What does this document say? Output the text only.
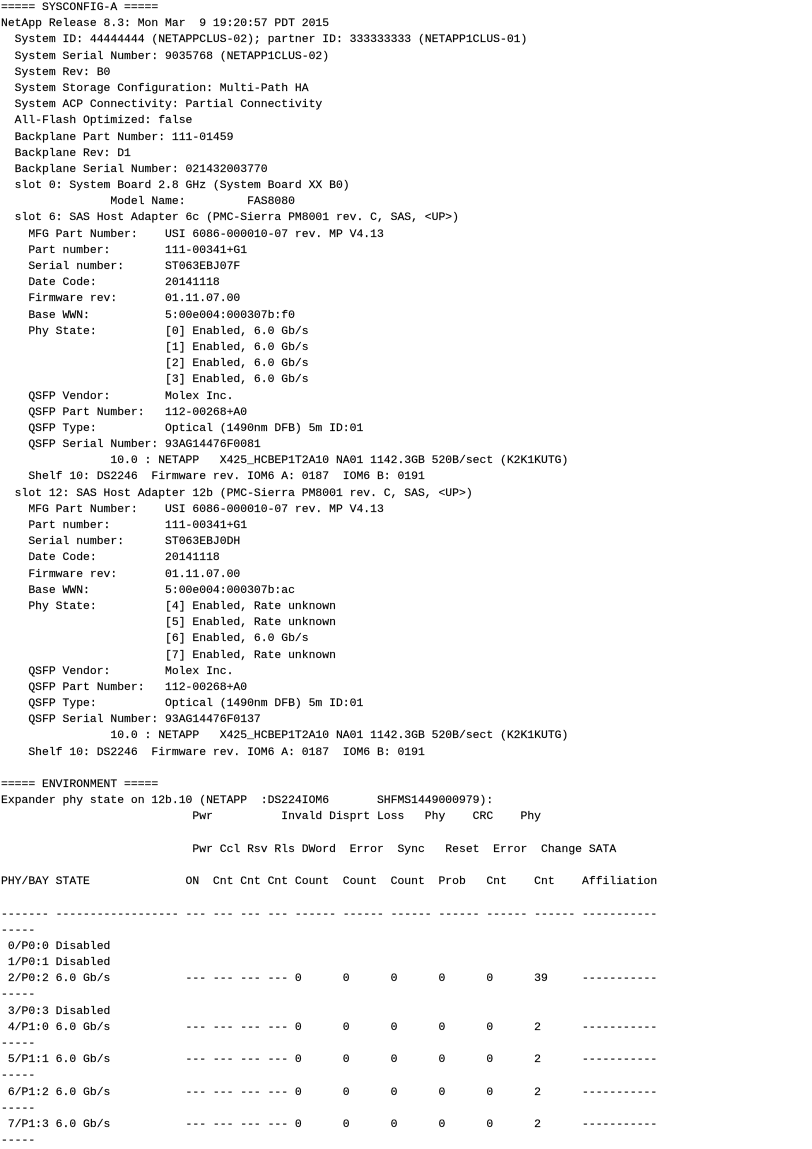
===== SYSCONFIG-A =====
NetApp Release 8.3: Mon Mar  9 19:20:57 PDT 2015
System ID: 44444444 (NETAPPCLUS-02); partner ID: 333333333 (NETAPP1CLUS-01)
System Serial Number: 9035768 (NETAPP1CLUS-02)
System Rev: B0
System Storage Configuration: Multi-Path HA
System ACP Connectivity: Partial Connectivity
All-Flash Optimized: false
Backplane Part Number: 111-01459
Backplane Rev: D1
Backplane Serial Number: 021432003770
slot 0: System Board 2.8 GHz (System Board XX B0)
Model Name:         FAS8080
slot 6: SAS Host Adapter 6c (PMC-Sierra PM8001 rev. C, SAS, <UP>)
MFG Part Number:    USI 6086-000010-07 rev. MP V4.13
Part number:        111-00341+G1
Serial number:      ST063EBJ07F
Date Code:          20141118
Firmware rev:       01.11.07.00
Base WWN:           5:00e004:000307b:f0
Phy State:          [0] Enabled, 6.0 Gb/s
[1] Enabled, 6.0 Gb/s
[2] Enabled, 6.0 Gb/s
[3] Enabled, 6.0 Gb/s
QSFP Vendor:        Molex Inc.
QSFP Part Number:   112-00268+A0
QSFP Type:          Optical (1490nm DFB) 5m ID:01
QSFP Serial Number: 93AG14476F0081
10.0 : NETAPP   X425_HCBEP1T2A10 NA01 1142.3GB 520B/sect (K2K1KUTG)
Shelf 10: DS2246  Firmware rev. IOM6 A: 0187  IOM6 B: 0191
slot 12: SAS Host Adapter 12b (PMC-Sierra PM8001 rev. C, SAS, <UP>)
MFG Part Number:    USI 6086-000010-07 rev. MP V4.13
Part number:        111-00341+G1
Serial number:      ST063EBJ0DH
Date Code:          20141118
Firmware rev:       01.11.07.00
Base WWN:           5:00e004:000307b:ac
Phy State:          [4] Enabled, Rate unknown
[5] Enabled, Rate unknown
[6] Enabled, 6.0 Gb/s
[7] Enabled, Rate unknown
QSFP Vendor:        Molex Inc.
QSFP Part Number:   112-00268+A0
QSFP Type:          Optical (1490nm DFB) 5m ID:01
QSFP Serial Number: 93AG14476F0137
10.0 : NETAPP   X425_HCBEP1T2A10 NA01 1142.3GB 520B/sect (K2K1KUTG)
Shelf 10: DS2246  Firmware rev. IOM6 A: 0187  IOM6 B: 0191
===== ENVIRONMENT =====
Expander phy state on 12b.10 (NETAPP  :DS224IOM6       SHFMS1449000979):
Pwr          Invald Disprt Loss   Phy    CRC    Phy
Pwr Ccl Rsv Rls DWord  Error  Sync   Reset  Error  Change SATA
PHY/BAY STATE              ON  Cnt Cnt Cnt Count  Count  Count  Prob   Cnt    Cnt    Affiliation
------- ------------------ --- --- --- --- ------ ------ ------ ------ ------ ------ -----------
-----
0/P0:0 Disabled
1/P0:1 Disabled
2/P0:2 6.0 Gb/s           --- --- --- --- 0      0      0      0      0      39     -----------
-----
3/P0:3 Disabled
4/P1:0 6.0 Gb/s           --- --- --- --- 0      0      0      0      0      2      -----------
-----
5/P1:1 6.0 Gb/s           --- --- --- --- 0      0      0      0      0      2      -----------
-----
6/P1:2 6.0 Gb/s           --- --- --- --- 0      0      0      0      0      2      -----------
-----
7/P1:3 6.0 Gb/s           --- --- --- --- 0      0      0      0      0      2      -----------
-----
